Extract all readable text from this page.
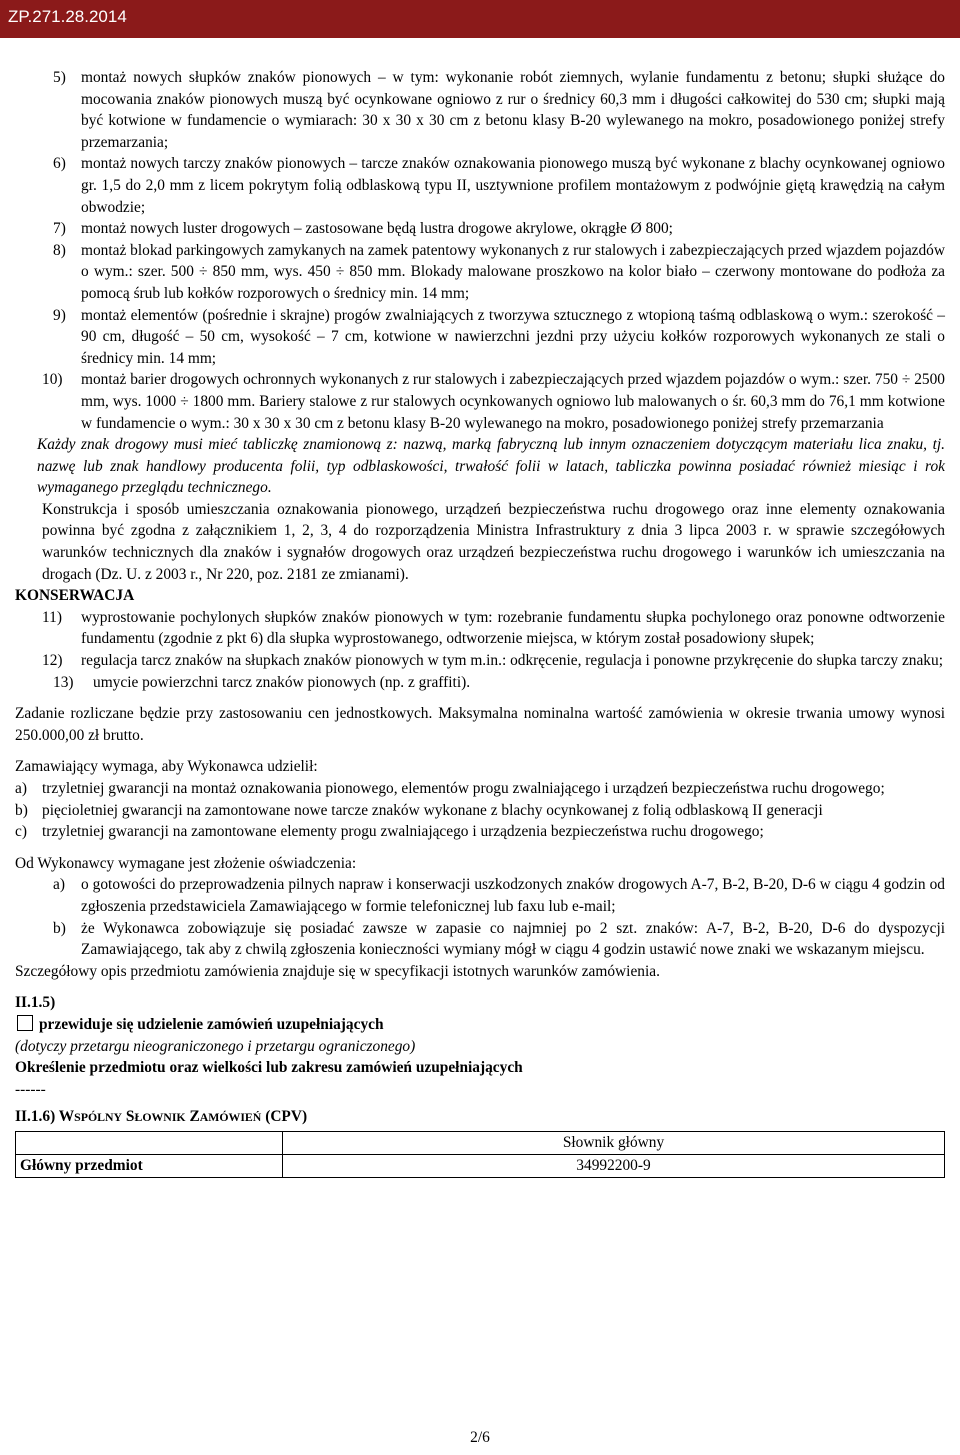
ZP.271.28.2014

5) montaż nowych słupków znaków pionowych – w tym: wykonanie robót ziemnych, wylanie fundamentu z betonu; słupki służące do mocowania znaków pionowych muszą być ocynkowane ogniowo z rur o średnicy 60,3 mm i długości całkowitej do 530 cm; słupki mają być kotwione w fundamencie o wymiarach: 30 x 30 x 30 cm z betonu klasy B-20 wylewanego na mokro, posadowionego poniżej strefy przemarzania;

6) montaż nowych tarczy znaków pionowych – tarcze znaków oznakowania pionowego muszą być wykonane z blachy ocynkowanej ogniowo gr. 1,5 do 2,0 mm z licem pokrytym folią odblaskową typu II, usztywnione profilem montażowym z podwójnie giętą krawędzią na całym obwodzie;

7) montaż nowych luster drogowych – zastosowane będą lustra drogowe akrylowe, okrągłe Ø 800;

8) montaż blokad parkingowych zamykanych na zamek patentowy wykonanych z rur stalowych i zabezpieczających przed wjazdem pojazdów o wym.: szer. 500 ÷ 850 mm, wys. 450 ÷ 850 mm. Blokady malowane proszkowo na kolor biało – czerwony montowane do podłoża za pomocą śrub lub kołków rozporowych o średnicy min. 14 mm;

9) montaż elementów (pośrednie i skrajne) progów zwalniających z tworzywa sztucznego z wtopioną taśmą odblaskową o wym.: szerokość – 90 cm, długość – 50 cm, wysokość – 7 cm, kotwione w nawierzchni jezdni przy użyciu kołków rozporowych wykonanych ze stali o średnicy min. 14 mm;

10) montaż barier drogowych ochronnych wykonanych z rur stalowych i zabezpieczających przed wjazdem pojazdów o wym.: szer. 750 ÷ 2500 mm, wys. 1000 ÷ 1800 mm. Bariery stalowe z rur stalowych ocynkowanych ogniowo lub malowanych o śr. 60,3 mm do 76,1 mm kotwione w fundamencie o wym.: 30 x 30 x 30 cm z betonu klasy B-20 wylewanego na mokro, posadowionego poniżej strefy przemarzania

Każdy znak drogowy musi mieć tabliczkę znamionową z: nazwą, marką fabryczną lub innym oznaczeniem dotyczącym materiału lica znaku, tj. nazwę lub znak handlowy producenta folii, typ odblaskowości, trwałość folii w latach, tabliczka powinna posiadać również miesiąc i rok wymaganego przeglądu technicznego.

Konstrukcja i sposób umieszczania oznakowania pionowego, urządzeń bezpieczeństwa ruchu drogowego oraz inne elementy oznakowania powinna być zgodna z załącznikiem 1, 2, 3, 4 do rozporządzenia Ministra Infrastruktury z dnia 3 lipca 2003 r. w sprawie szczegółowych warunków technicznych dla znaków i sygnałów drogowych oraz urządzeń bezpieczeństwa ruchu drogowego i warunków ich umieszczania na drogach (Dz. U. z 2003 r., Nr 220, poz. 2181 ze zmianami).

KONSERWACJA

11) wyprostowanie pochylonych słupków znaków pionowych w tym: rozebranie fundamentu słupka pochylonego oraz ponowne odtworzenie fundamentu (zgodnie z pkt 6) dla słupka wyprostowanego, odtworzenie miejsca, w którym został posadowiony słupek;

12) regulacja tarcz znaków na słupkach znaków pionowych w tym m.in.: odkręcenie, regulacja i ponowne przykręcenie do słupka tarczy znaku;

13) umycie powierzchni tarcz znaków pionowych (np. z graffiti).

Zadanie rozliczane będzie przy zastosowaniu cen jednostkowych. Maksymalna nominalna wartość zamówienia w okresie trwania umowy wynosi 250.000,00 zł brutto.

Zamawiający wymaga, aby Wykonawca udzielił:

a) trzyletniej gwarancji na montaż oznakowania pionowego, elementów progu zwalniającego i urządzeń bezpieczeństwa ruchu drogowego;

b) pięcioletniej gwarancji na zamontowane nowe tarcze znaków wykonane z blachy ocynkowanej z folią odblaskową II generacji

c) trzyletniej gwarancji na zamontowane elementy progu zwalniającego i urządzenia bezpieczeństwa ruchu drogowego;

Od Wykonawcy wymagane jest złożenie oświadczenia:

a) o gotowości do przeprowadzenia pilnych napraw i konserwacji uszkodzonych znaków drogowych A-7, B-2, B-20, D-6 w ciągu 4 godzin od zgłoszenia przedstawiciela Zamawiającego w formie telefonicznej lub faxu lub e-mail;

b) że Wykonawca zobowiązuje się posiadać zawsze w zapasie co najmniej po 2 szt. znaków: A-7, B-2, B-20, D-6 do dyspozycji Zamawiającego, tak aby z chwilą zgłoszenia konieczności wymiany mógł w ciągu 4 godzin ustawić nowe znaki we wskazanym miejscu.

Szczegółowy opis przedmiotu zamówienia znajduje się w specyfikacji istotnych warunków zamówienia.

II.1.5)

przewiduje się udzielenie zamówień uzupełniających

(dotyczy przetargu nieograniczonego i przetargu ograniczonego)

Określenie przedmiotu oraz wielkości lub zakresu zamówień uzupełniających

------

II.1.6) WSPÓLNY SŁOWNIK ZAMÓWIEŃ (CPV)

	Słownik główny
Główny przedmiot	34992200-9
2/6
